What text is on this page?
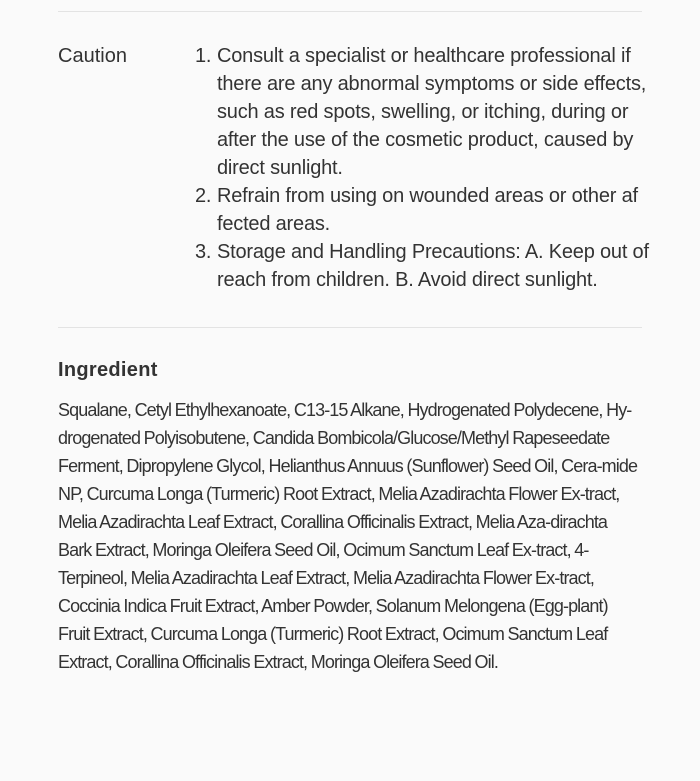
Caution	1. Consult a specialist or healthcare professional if there are any abnormal symptoms or side effects, such as red spots, swelling, or itching, during or after the use of the cosmetic product, caused by direct sunlight.
2. Refrain from using on wounded areas or other af fected areas.
3. Storage and Handling Precautions: A. Keep out of reach from children. B. Avoid direct sunlight.
Ingredient

Squalane, Cetyl Ethylhexanoate, C13-15 Alkane, Hydrogenated Polydecene, Hy-drogenated Polyisobutene, Candida Bombicola/Glucose/Methyl Rapeseedate Ferment, Dipropylene Glycol, Helianthus Annuus (Sunflower) Seed Oil, Cera-mide NP, Curcuma Longa (Turmeric) Root Extract, Melia Azadirachta Flower Ex-tract, Melia Azadirachta Leaf Extract, Corallina Officinalis Extract, Melia Aza-dirachta Bark Extract, Moringa Oleifera Seed Oil, Ocimum Sanctum Leaf Ex-tract, 4-Terpineol, Melia Azadirachta Leaf Extract, Melia Azadirachta Flower Ex-tract, Coccinia Indica Fruit Extract, Amber Powder, Solanum Melongena (Egg-plant) Fruit Extract, Curcuma Longa (Turmeric) Root Extract, Ocimum Sanctum Leaf Extract, Corallina Officinalis Extract, Moringa Oleifera Seed Oil.
